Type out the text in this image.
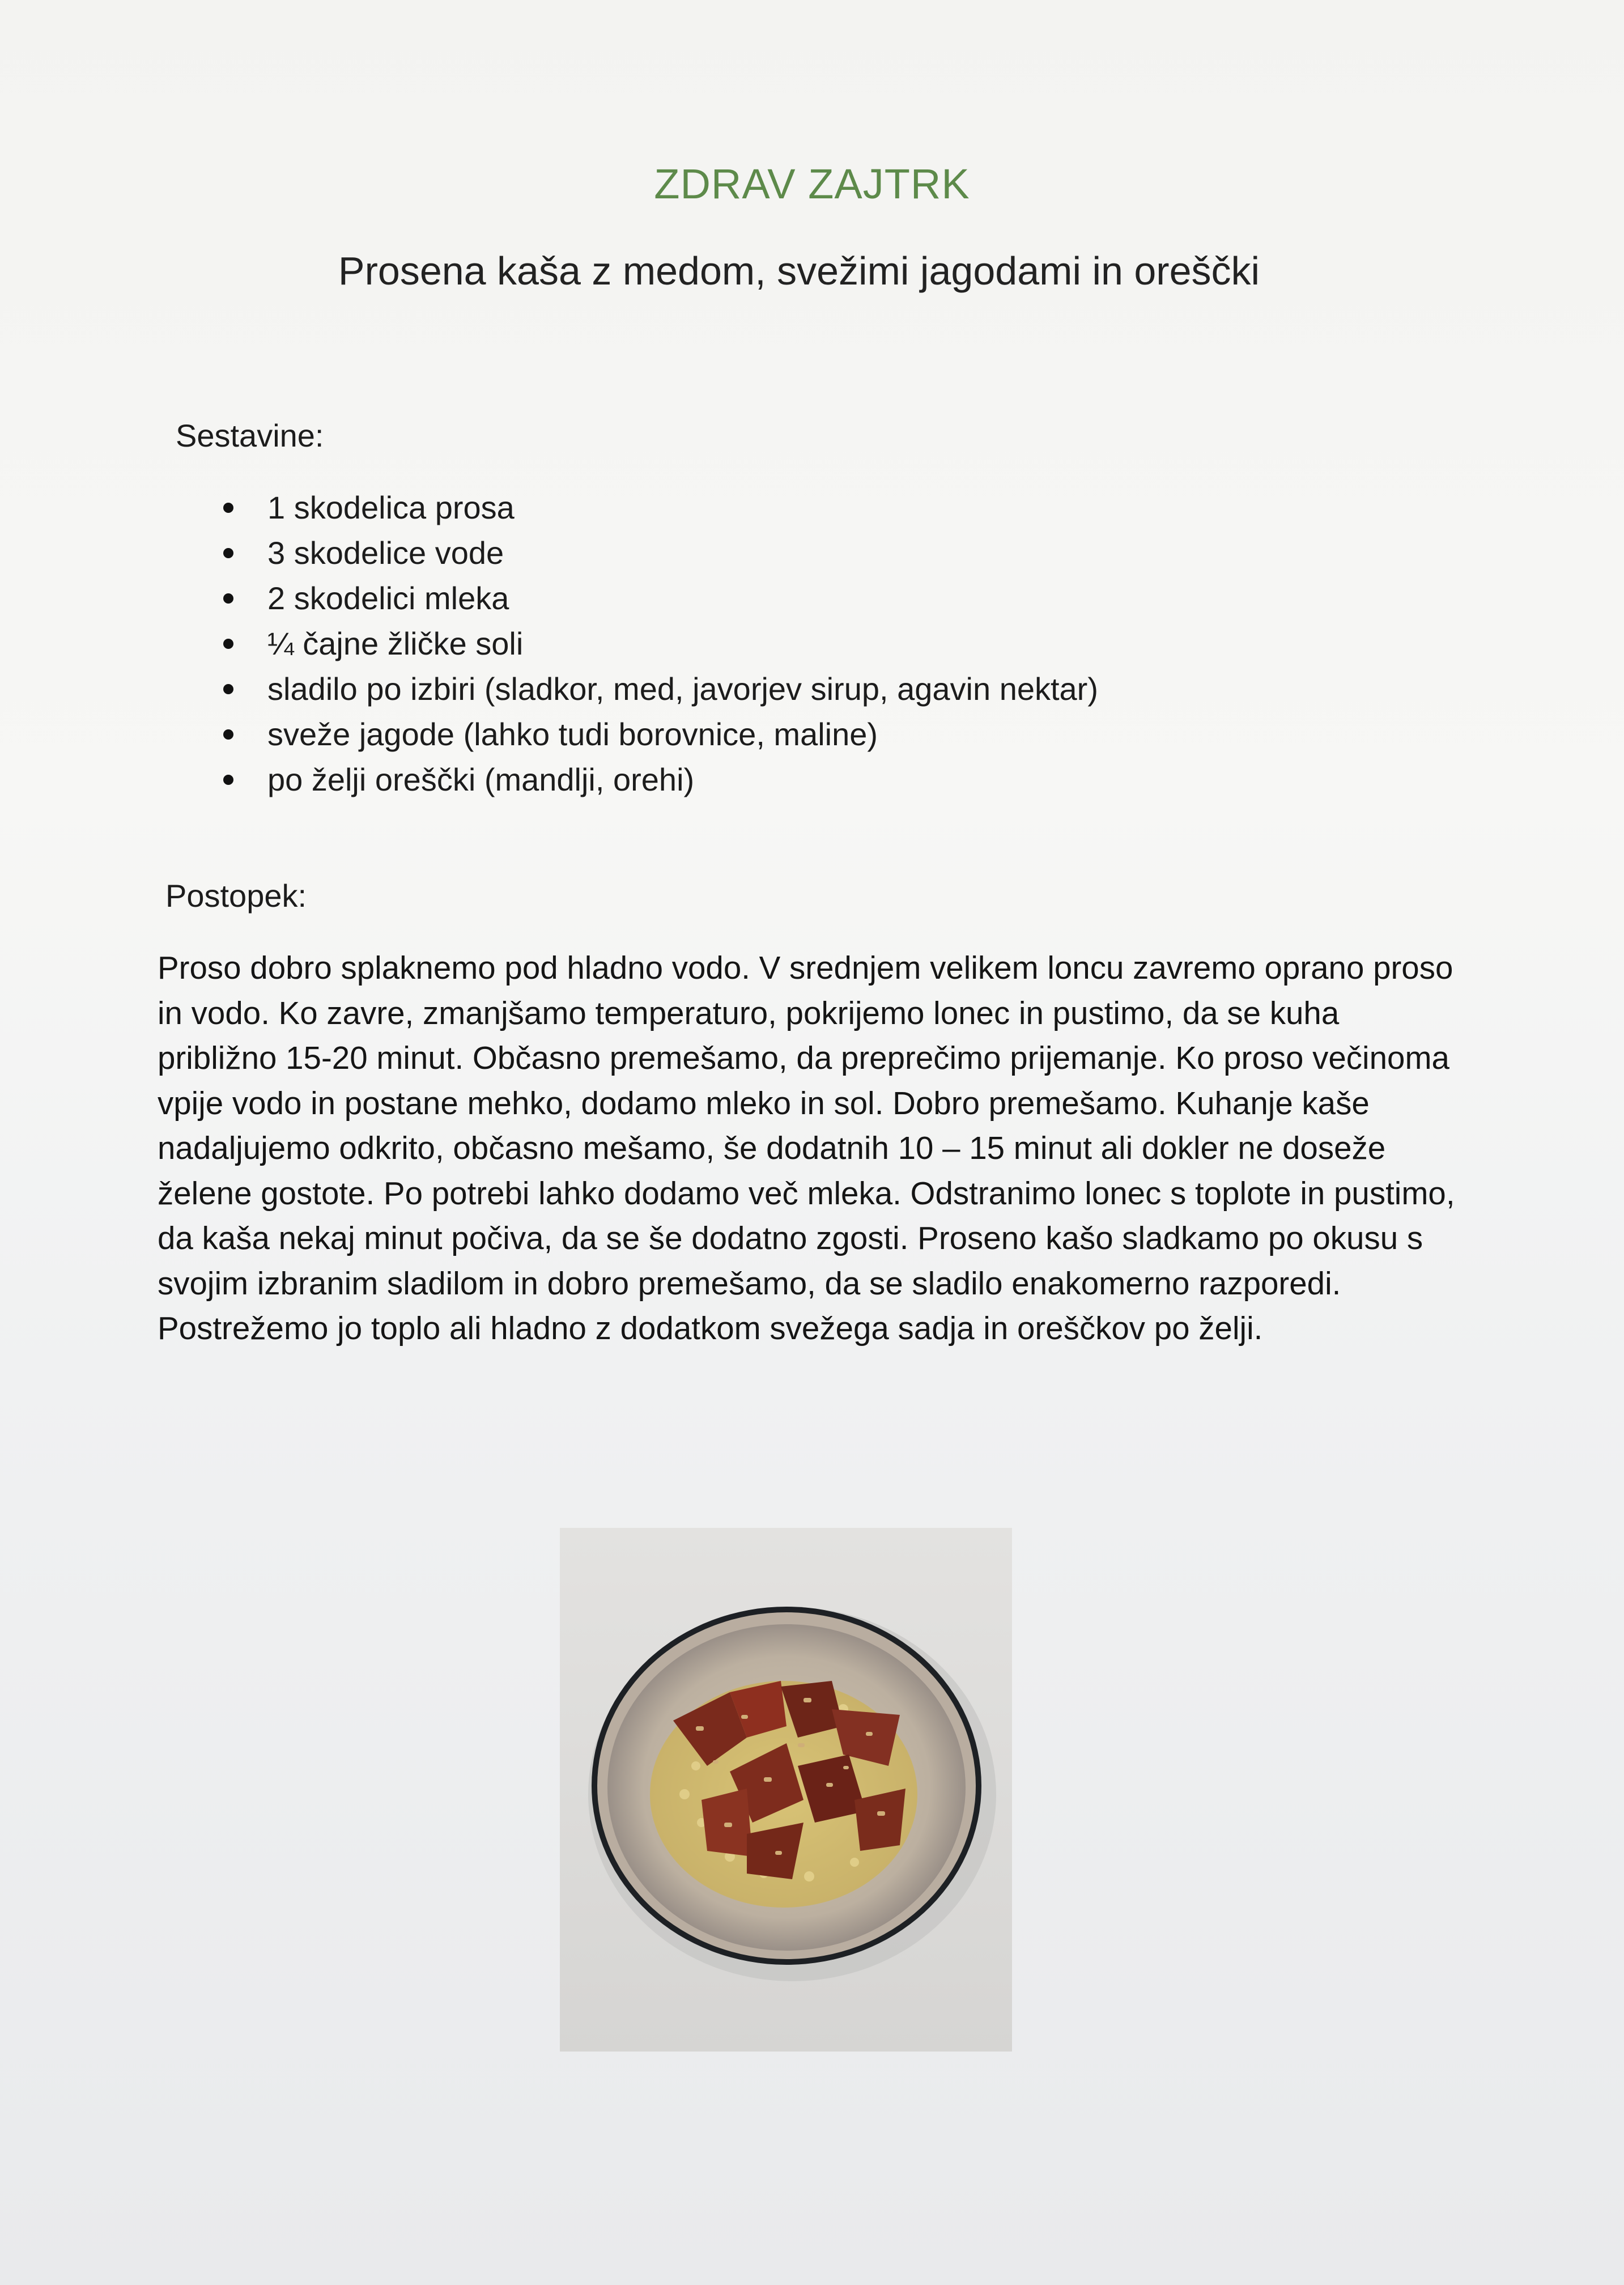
ZDRAV ZAJTRK
Prosena kaša z medom, svežimi jagodami in oreščki
Sestavine:
1 skodelica prosa
3 skodelice vode
2 skodelici mleka
¼ čajne žličke soli
sladilo po izbiri (sladkor, med, javorjev sirup, agavin nektar)
sveže jagode (lahko tudi borovnice, maline)
po želji oreščki (mandlji, orehi)
Postopek:
Proso dobro splaknemo pod hladno vodo. V srednjem velikem loncu zavremo oprano proso in vodo. Ko zavre, zmanjšamo temperaturo, pokrijemo lonec in pustimo, da se kuha približno 15-20 minut. Občasno premešamo, da preprečimo prijemanje. Ko proso večinoma vpije vodo in postane mehko, dodamo mleko in sol. Dobro premešamo. Kuhanje kaše nadaljujemo odkrito, občasno mešamo, še dodatnih 10 – 15 minut ali dokler ne doseže želene gostote. Po potrebi lahko dodamo več mleka. Odstranimo lonec s toplote in pustimo, da kaša nekaj minut počiva, da se še dodatno zgosti. Proseno kašo sladkamo po okusu s svojim izbranim sladilom in dobro premešamo, da se sladilo enakomerno razporedi. Postrežemo jo toplo ali hladno z dodatkom svežega sadja in oreščkov po želji.
